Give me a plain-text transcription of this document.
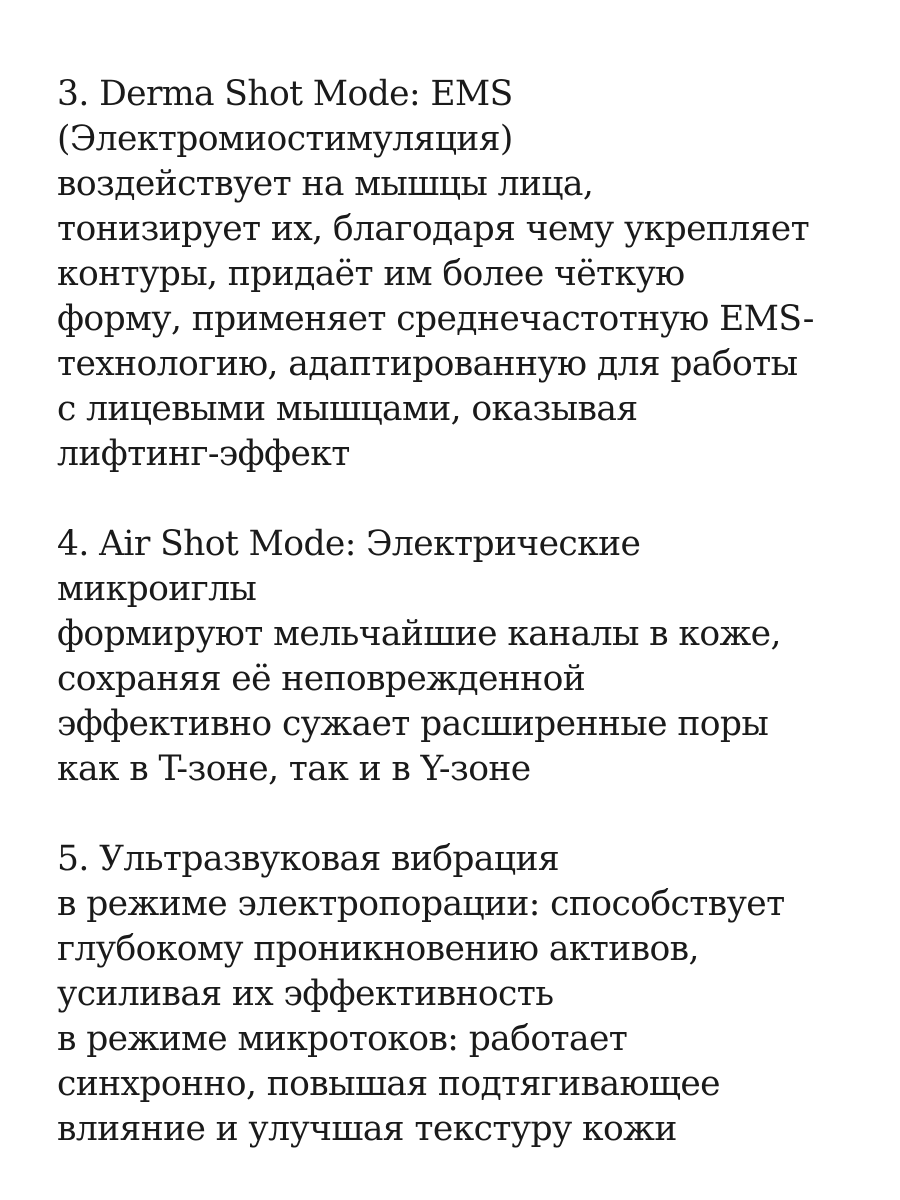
3. Derma Shot Mode: EMS
(Электромиостимуляция)
воздействует на мышцы лица,
тонизирует их, благодаря чему укрепляет
контуры, придаёт им более чёткую
форму, применяет среднечастотную EMS-
технологию, адаптированную для работы
с лицевыми мышцами, оказывая
лифтинг-эффект
4. Air Shot Mode: Электрические
микроиглы
формируют мельчайшие каналы в коже,
сохраняя её неповрежденной
эффективно сужает расширенные поры
как в T-зоне, так и в Y-зоне
5. Ультразвуковая вибрация
в режиме электропорации: способствует
глубокому проникновению активов,
усиливая их эффективность
в режиме микротоков: работает
синхронно, повышая подтягивающее
влияние и улучшая текстуру кожи
